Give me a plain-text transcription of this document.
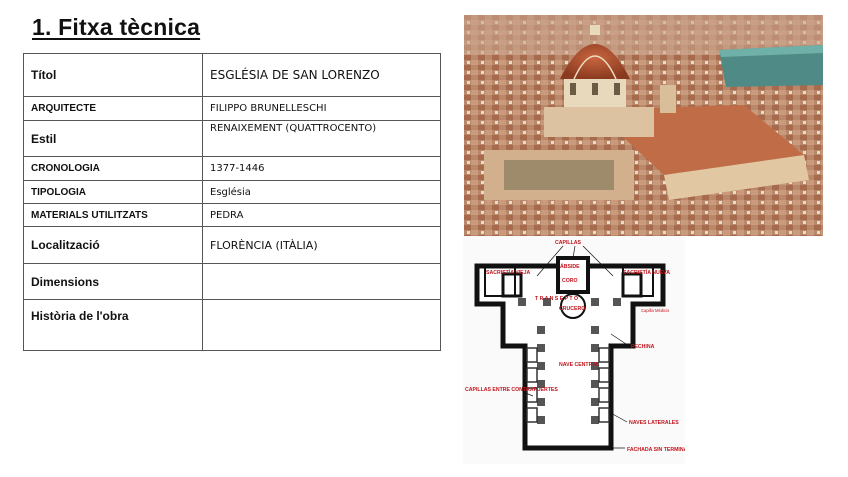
1. Fitxa tècnica
Títol	ESGLÉSIA DE SAN LORENZO
ARQUITECTE	FILIPPO BRUNELLESCHI
Estil	RENAIXEMENT (QUATTROCENTO)
CRONOLOGIA	1377-1446
TIPOLOGIA	Església
MATERIALS UTILITZATS	PEDRA
Localització	FLORÈNCIA (ITÀLIA)
Dimensions	
Història de l'obra	
CAPILLAS
SACRISTÍA VIEJA
ÁBSIDE
CORO
SACRISTÍA NUEVA
Capilla Médicis
T R A N S E P T O
CRUCERO
PECHINA
NAVE CENTRAL
CAPILLAS ENTRE CONTRAFUERTES
NAVES LATERALES
FACHADA SIN TERMINAR
